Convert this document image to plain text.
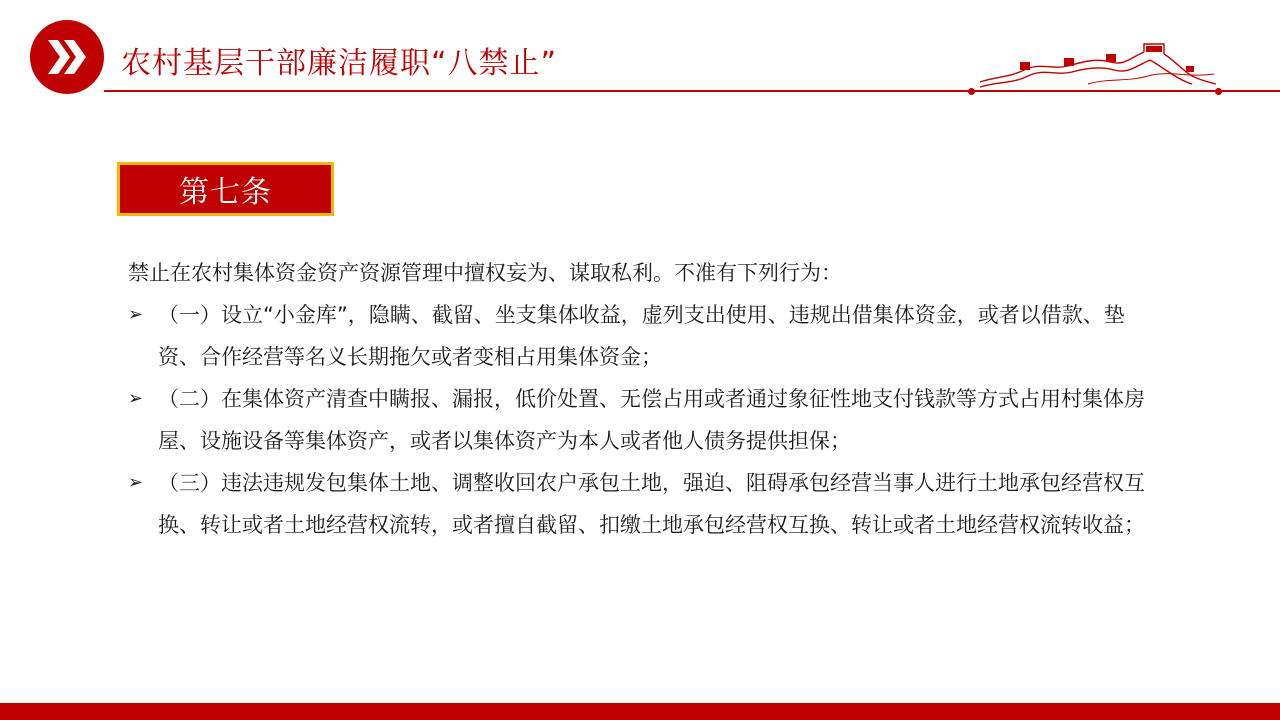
农村基层干部廉洁履职“八禁止”
第七条
禁止在农村集体资金资产资源管理中擅权妄为、谋取私利。不准有下列行为：
➢ （一）设立“小金库”，隐瞒、截留、坐支集体收益，虚列支出使用、违规出借集体资金，或者以借款、垫资、合作经营等名义长期拖欠或者变相占用集体资金；
➢ （二）在集体资产清查中瞒报、漏报，低价处置、无偿占用或者通过象征性地支付钱款等方式占用村集体房屋、设施设备等集体资产，或者以集体资产为本人或者他人债务提供担保；
➢ （三）违法违规发包集体土地、调整收回农户承包土地，强迫、阻碍承包经营当事人进行土地承包经营权互换、转让或者土地经营权流转，或者擅自截留、扣缴土地承包经营权互换、转让或者土地经营权流转收益；
